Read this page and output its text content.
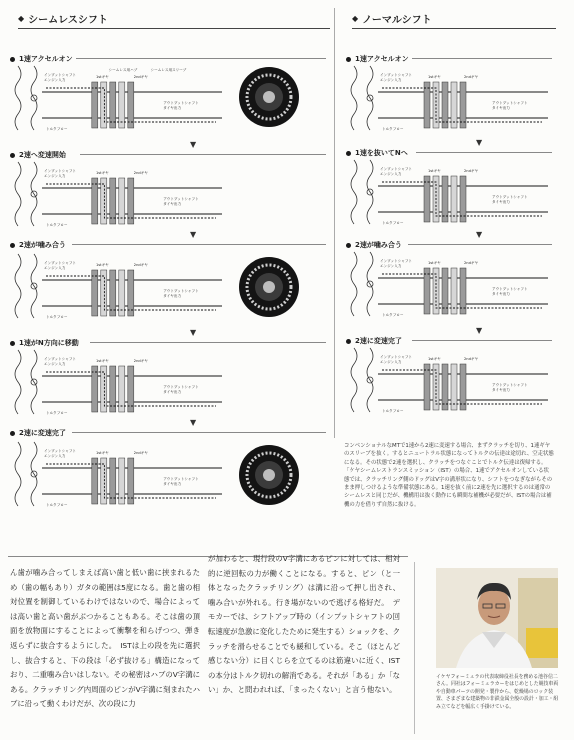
◆ シームレスシフト	◆ ノーマルシフト
1速アクセルオン
▼
2速へ変速開始
▼
2速が噛み合う
▼
1速がN方向に移動
▼
2速に変速完了
1速アクセルオン
▼
1速を抜いてNへ
▼
2速が噛み合う
▼
2速に変速完了
インプットシャフト
エンジン入力
1stギヤ	2ndギヤ
アウトプットシャフト
タイヤ出力
トルクフロー
シームレス用ハブ	シームレス用スリーブ
インプットシャフト
エンジン入力
1stギヤ	2ndギヤ
アウトプットシャフト
タイヤ出力
トルクフロー
インプットシャフト
エンジン入力
1stギヤ	2ndギヤ
アウトプットシャフト
タイヤ出力
トルクフロー
インプットシャフト
エンジン入力
1stギヤ	2ndギヤ
アウトプットシャフト
タイヤ出力
トルクフロー
インプットシャフト
エンジン入力
1stギヤ	2ndギヤ
アウトプットシャフト
タイヤ出力
トルクフロー
インプットシャフト
エンジン入力
1stギヤ	2ndギヤ
アウトプットシャフト
タイヤ出力
トルクフロー
インプットシャフト
エンジン入力
1stギヤ	2ndギヤ
アウトプットシャフト
タイヤ出力
トルクフロー
インプットシャフト
エンジン入力
1stギヤ	2ndギヤ
アウトプットシャフト
タイヤ出力
トルクフロー
インプットシャフト
エンジン入力
1stギヤ	2ndギヤ
アウトプットシャフト
タイヤ出力
トルクフロー
コンベンショナルなMTで1速から2速に変速する場合、まずクラッチを切り、1速ギヤのスリーブを抜く。するとニュートラル状態になってトルクの伝達は途切れ、空走状態になる。その状態で2速を選択し、クラッチをつなぐことでトルク伝達は復帰する。「ケヤシームレストランスミッション（IST）の場合、1速でアクセルオンしている状態では、クラッチリング側のドッグはV字の溝形状になり、シフトをつなぎながらそのまま押しつけるような準備状態にある。1速を抜く前に2速を先に選択するのは通常のシームレスと同じだが、機構用は抜く動作にも瞬間な補機が必要だが、ISTの場合は補機の力を借りず自然に抜ける。
ん歯が噛み合ってしまえば高い歯と低い歯に挟まれるため（歯の幅もあり）ガタの範囲は5度になる。歯と歯の相対位置を制御しているわけではないので、場合によっては高い歯と高い歯がぶつかることもある。そこは歯の頂面を放物面にすることによって衝撃を和らげつつ、弾き返らずに抜合するようにした。　ISTは上の段を先に選択し、抜合すると、下の段は「必ず抜ける」構造になっており、二重噛み合いはしない。その秘密はハブのV字溝にある。クラッチリング内周面のピンがV字溝に刻まれたハブに沿って動くわけだが、次の段に力
が加わると、現行段のV字溝にあるピンに対しては、相対的に逆回転の力が働くことになる。すると、ピン（と一体となったクラッチリング）は溝に沿って押し出され、噛み合いが外れる。行き場がないので逃げる格好だ。　デモカーでは、シフトアップ時の（インプットシャフトの回転速度が急激に変化したために発生する）ショックを、クラッチを滑らせることでも緩和している。そこ（ほとんど感じない分）に目くじらを立てるのは筋違いに近く、ISTの本分はトルク切れの解消である。それが「ある」か「ない」か、と問われれば、「まったくない」と言う他ない。
イケヤフォーミュラの代表取締役社長を務める池谷信二さん。同社はフォーミュラカーをはじめとした競技車両や自動車パーツの開発・製作から、乾燥場のロック装置、さまざまな建築物の非鉄金属全般の設計・加工・組み立てなどを幅広く手掛けている。
